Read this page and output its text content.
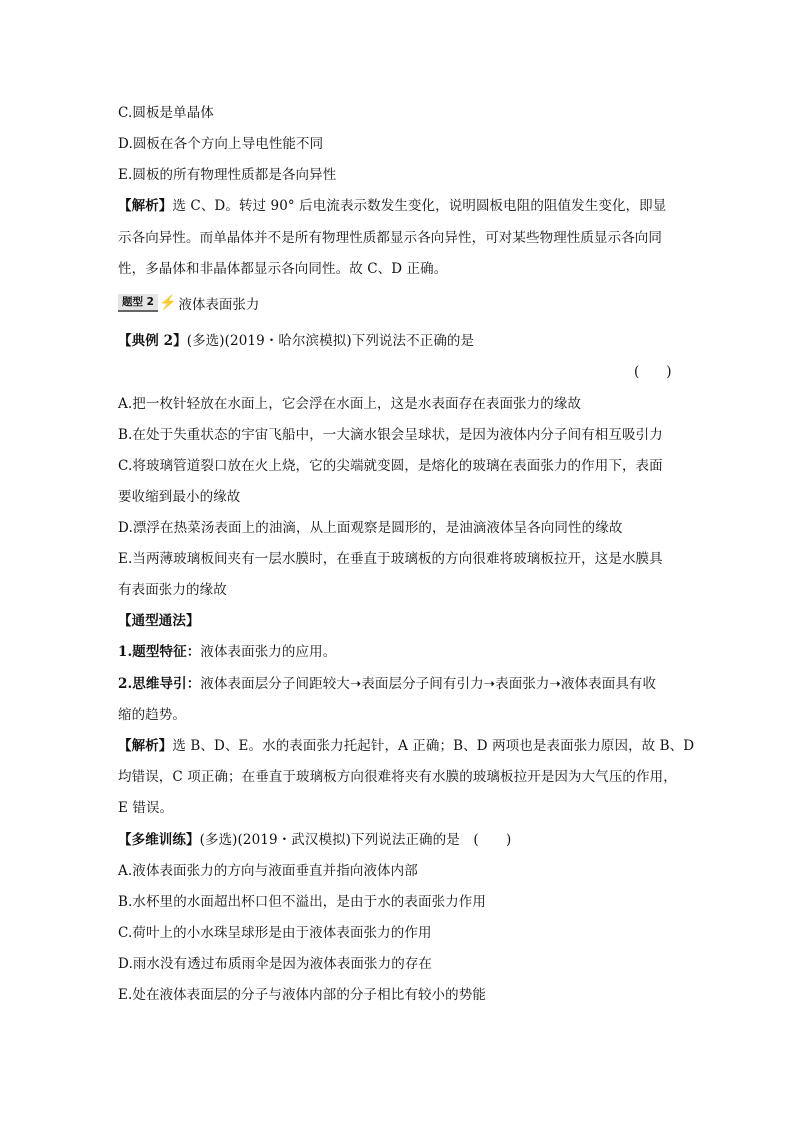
C.圆板是单晶体
D.圆板在各个方向上导电性能不同
E.圆板的所有物理性质都是各向异性
【解析】选 C、D。转过 90° 后电流表示数发生变化，说明圆板电阻的阻值发生变化，即显
示各向异性。而单晶体并不是所有物理性质都显示各向异性，可对某些物理性质显示各向同
性，多晶体和非晶体都显示各向同性。故 C、D 正确。
题型 2 ⚡ 液体表面张力
【典例 2】(多选)(2019・哈尔滨模拟)下列说法不正确的是
(　　)
A.把一枚针轻放在水面上，它会浮在水面上，这是水表面存在表面张力的缘故
B.在处于失重状态的宇宙飞船中，一大滴水银会呈球状，是因为液体内分子间有相互吸引力
C.将玻璃管道裂口放在火上烧，它的尖端就变圆，是熔化的玻璃在表面张力的作用下，表面
要收缩到最小的缘故
D.漂浮在热菜汤表面上的油滴，从上面观察是圆形的，是油滴液体呈各向同性的缘故
E.当两薄玻璃板间夹有一层水膜时，在垂直于玻璃板的方向很难将玻璃板拉开，这是水膜具
有表面张力的缘故
【通型通法】
1.题型特征：液体表面张力的应用。
2.思维导引：液体表面层分子间距较大➝表面层分子间有引力➝表面张力➝液体表面具有收
缩的趋势。
【解析】选 B、D、E。水的表面张力托起针，A 正确；B、D 两项也是表面张力原因，故 B、D
均错误，C 项正确；在垂直于玻璃板方向很难将夹有水膜的玻璃板拉开是因为大气压的作用，
E 错误。
【多维训练】(多选)(2019・武汉模拟)下列说法正确的是　(　　)
A.液体表面张力的方向与液面垂直并指向液体内部
B.水杯里的水面超出杯口但不溢出，是由于水的表面张力作用
C.荷叶上的小水珠呈球形是由于液体表面张力的作用
D.雨水没有透过布质雨伞是因为液体表面张力的存在
E.处在液体表面层的分子与液体内部的分子相比有较小的势能
